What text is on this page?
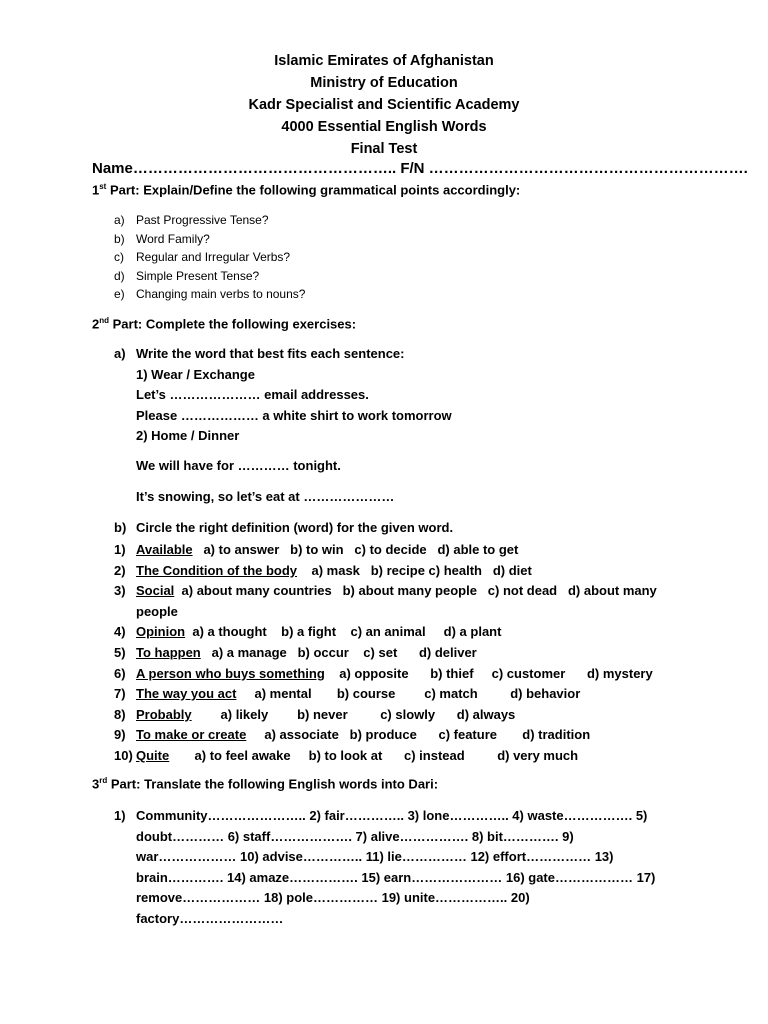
Islamic Emirates of Afghanistan
Ministry of Education
Kadr Specialist and Scientific Academy
4000 Essential English Words
Final Test
Name…………………………………………….. F/N ……………………………………………………….
1st Part: Explain/Define the following grammatical points accordingly:
a) Past Progressive Tense?
b) Word Family?
c)	Regular and Irregular Verbs?
d) Simple Present Tense?
e) Changing main verbs to nouns?
2nd Part: Complete the following exercises:
a) Write the word that best fits each sentence:
1) Wear / Exchange
Let’s ………………… email addresses.
Please ……………… a white shirt to work tomorrow
2) Home / Dinner
We will have for ………… tonight.
It’s snowing, so let’s eat at …………………
b) Circle the right definition (word) for the given word.
1) Available   a) to answer   b) to win   c) to decide   d) able to get
2) The Condition of the body    a) mask   b) recipe c) health   d) diet
3) Social  a) about many countries   b) about many people   c) not dead   d) about many people
4) Opinion  a) a thought    b) a fight    c) an animal     d) a plant
5) To happen   a) a manage   b) occur    c) set      d) deliver
6) A person who buys something    a) opposite      b) thief     c) customer      d) mystery
7) The way you act     a) mental       b) course        c) match         d) behavior
8) Probably        a) likely        b) never         c) slowly      d) always
9) To make or create     a) associate   b) produce      c) feature       d) tradition
10) Quite       a) to feel awake     b) to look at      c) instead         d) very much
3rd Part: Translate the following English words into Dari:
1) Community………………….. 2) fair………….. 3) lone………….. 4) waste……………. 5) doubt………… 6) staff………………. 7) alive……………. 8) bit…………. 9) war……………… 10) advise………….. 11) lie…………… 12) effort…………… 13) brain…………. 14) amaze……………. 15) earn………………… 16) gate……………… 17) remove……………… 18) pole…………… 19) unite…………….. 20) factory……………………
